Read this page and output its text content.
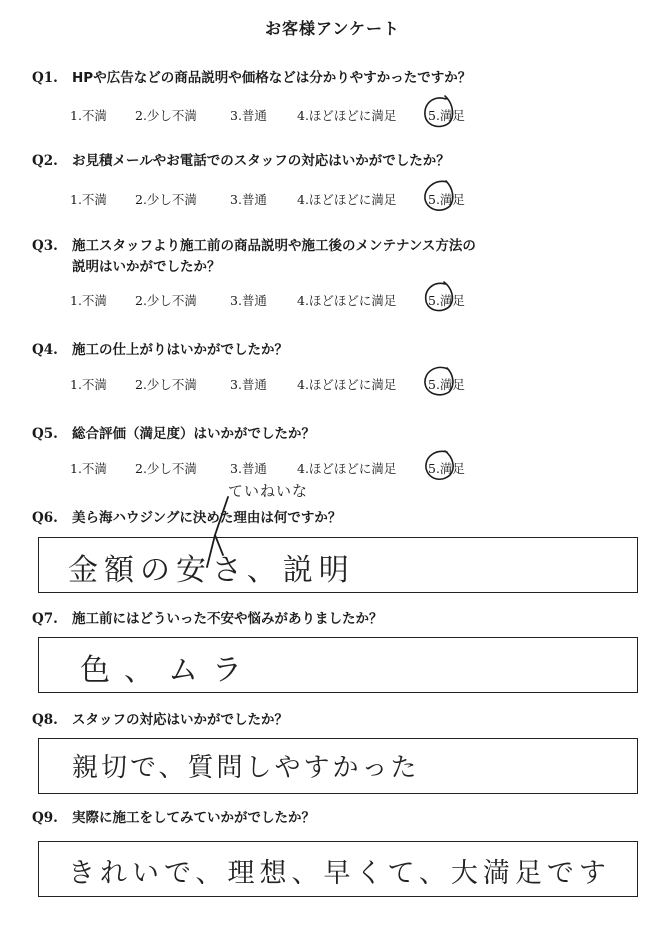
お客様アンケート
Q1. HPや広告などの商品説明や価格などは分かりやすかったですか？
1.不満 2.少し不満	3.普通 4.ほどほどに満足	5.満足
Q2. お見積メールやお電話でのスタッフの対応はいかがでしたか？
1.不満 2.少し不満	3.普通 4.ほどほどに満足	5.満足
Q3. 施工スタッフより施工前の商品説明や施工後のメンテナンス方法の
説明はいかがでしたか？
1.不満 2.少し不満	3.普通 4.ほどほどに満足	5.満足
Q4. 施工の仕上がりはいかがでしたか？
1.不満 2.少し不満	3.普通 4.ほどほどに満足	5.満足
Q5. 総合評価（満足度）はいかがでしたか？
1.不満 2.少し不満	3.普通 4.ほどほどに満足	5.満足
Q6. 美ら海ハウジングに決めた理由は何ですか？
ていねいな
金額の安さ、説明
Q7. 施工前にはどういった不安や悩みがありましたか？
色、ムラ
Q8. スタッフの対応はいかがでしたか？
親切で、質問しやすかった
Q9. 実際に施工をしてみていかがでしたか？
きれいで、理想、早くて、大満足です
